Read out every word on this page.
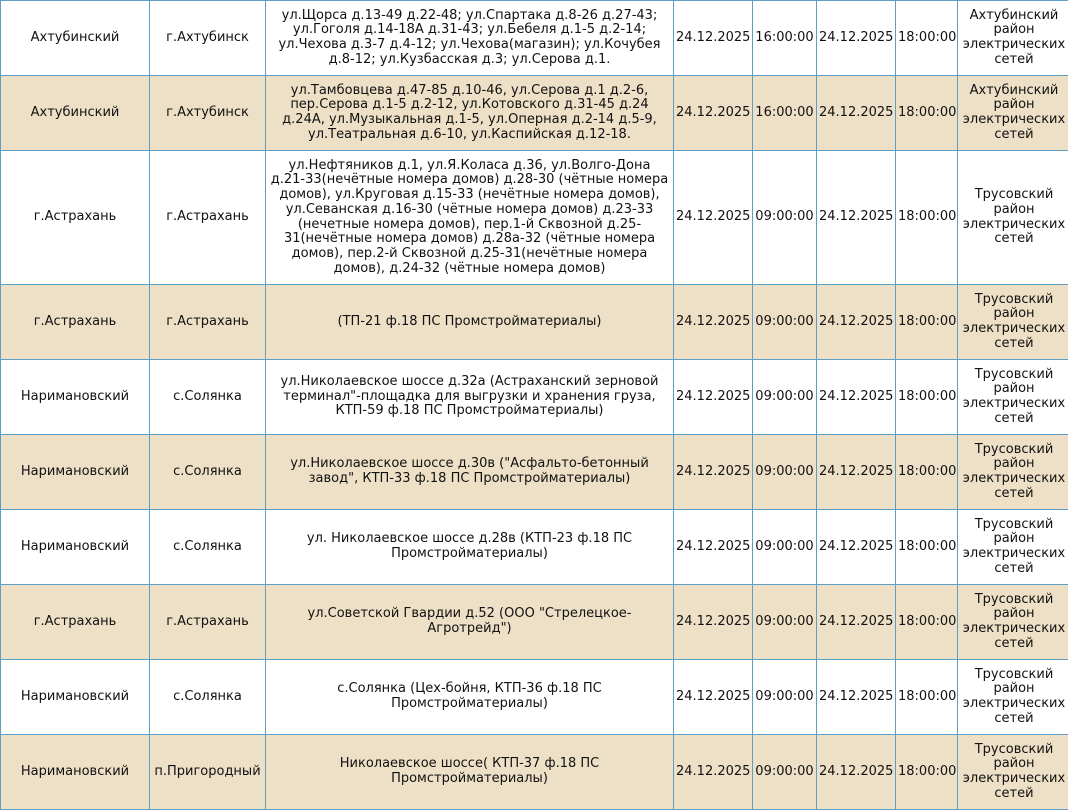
Ахтубинский	г.Ахтубинск	ул.Щорса д.13-49 д.22-48; ул.Спартака д.8-26 д.27-43; ул.Гоголя д.14-18А д.31-43; ул.Бебеля д.1-5 д.2-14; ул.Чехова д.3-7 д.4-12; ул.Чехова(магазин); ул.Кочубея д.8-12; ул.Кузбасская д.3; ул.Серова д.1.	24.12.2025	16:00:00	24.12.2025	18:00:00	Ахтубинский район электрических сетей
Ахтубинский	г.Ахтубинск	ул.Тамбовцева д.47-85 д.10-46, ул.Серова д.1 д.2-6, пер.Серова д.1-5 д.2-12, ул.Котовского д.31-45 д.24 д.24А, ул.Музыкальная д.1-5, ул.Оперная д.2-14 д.5-9, ул.Театральная д.6-10, ул.Каспийская д.12-18.	24.12.2025	16:00:00	24.12.2025	18:00:00	Ахтубинский район электрических сетей
г.Астрахань	г.Астрахань	ул.Нефтяников д.1, ул.Я.Колаcа д.36, ул.Волго-Дона д.21-33(нечётные номера домов) д.28-30 (чётные номера домов), ул.Круговая д.15-33 (нечётные номера домов), ул.Севанская д.16-30 (чётные номера домов) д.23-33 (нечетные номера домов), пер.1-й Сквозной д.25-31(нечётные номера домов) д.28а-32 (чётные номера домов), пер.2-й Сквозной д.25-31(нечётные номера домов), д.24-32 (чётные номера домов)	24.12.2025	09:00:00	24.12.2025	18:00:00	Трусовский район электрических сетей
г.Астрахань	г.Астрахань	(ТП-21 ф.18 ПС Промстройматериалы)	24.12.2025	09:00:00	24.12.2025	18:00:00	Трусовский район электрических сетей
Наримановский	с.Солянка	ул.Николаевское шоссе д.32а (Астраханский зерновой терминал"-площадка для выгрузки и хранения груза, КТП-59 ф.18 ПС Промстройматериалы)	24.12.2025	09:00:00	24.12.2025	18:00:00	Трусовский район электрических сетей
Наримановский	с.Солянка	ул.Николаевское шоссе д.30в ("Асфальто-бетонный завод", КТП-33 ф.18 ПС Промстройматериалы)	24.12.2025	09:00:00	24.12.2025	18:00:00	Трусовский район электрических сетей
Наримановский	с.Солянка	ул. Николаевское шоссе д.28в (КТП-23 ф.18 ПС Промстройматериалы)	24.12.2025	09:00:00	24.12.2025	18:00:00	Трусовский район электрических сетей
г.Астрахань	г.Астрахань	ул.Советской Гвардии д.52 (ООО "Стрелецкое-Агротрейд")	24.12.2025	09:00:00	24.12.2025	18:00:00	Трусовский район электрических сетей
Наримановский	с.Солянка	с.Солянка (Цех-бойня, КТП-36 ф.18 ПС Промстройматериалы)	24.12.2025	09:00:00	24.12.2025	18:00:00	Трусовский район электрических сетей
Наримановский	п.Пригородный	Николаевское шоссе( КТП-37 ф.18 ПС Промстройматериалы)	24.12.2025	09:00:00	24.12.2025	18:00:00	Трусовский район электрических сетей
